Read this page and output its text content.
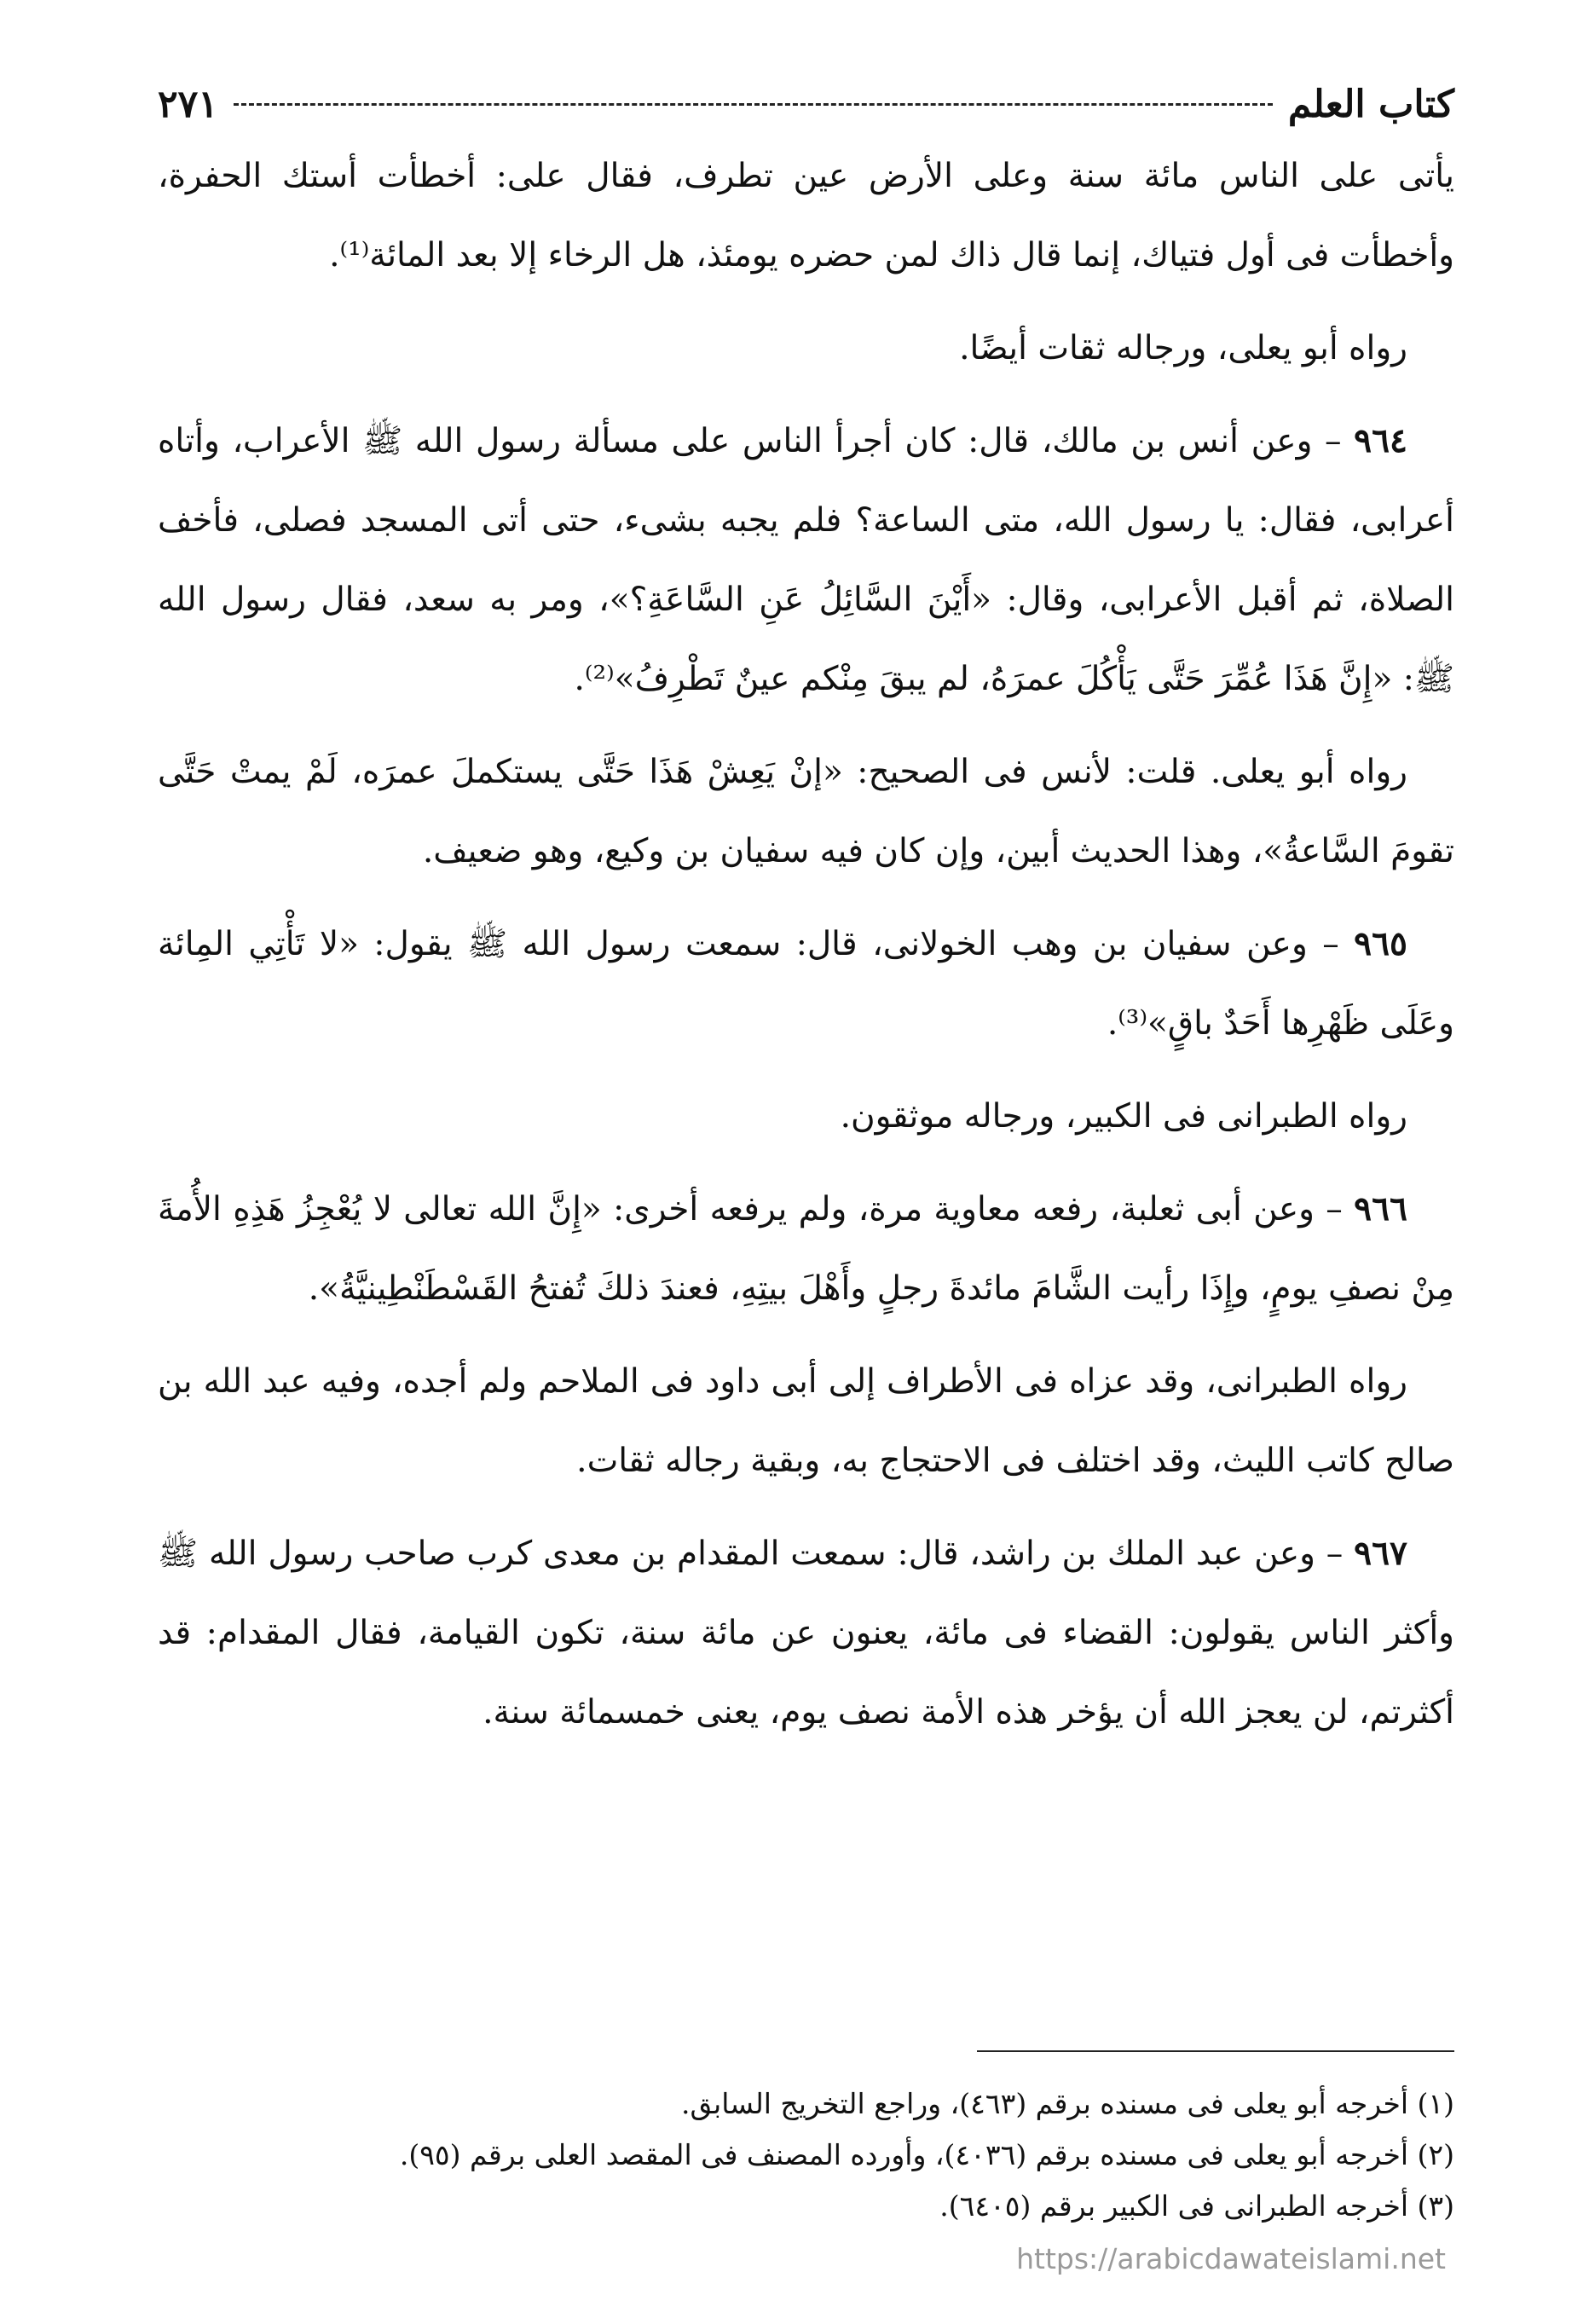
كتاب العلم
٢٧١

يأتى على الناس مائة سنة وعلى الأرض عين تطرف، فقال على: أخطأت أستك الحفرة، وأخطأت فى أول فتياك، إنما قال ذاك لمن حضره يومئذ، هل الرخاء إلا بعد المائة⁽¹⁾.

رواه أبو يعلى، ورجاله ثقات أيضًا.

٩٦٤ – وعن أنس بن مالك، قال: كان أجرأ الناس على مسألة رسول الله ﷺ الأعراب، وأتاه أعرابى، فقال: يا رسول الله، متى الساعة؟ فلم يجبه بشىء، حتى أتى المسجد فصلى، فأخف الصلاة، ثم أقبل الأعرابى، وقال: «أَيْنَ السَّائِلُ عَنِ السَّاعَةِ؟»، ومر به سعد، فقال رسول الله ﷺ: «إِنَّ هَذَا عُمِّرَ حَتَّى يَأْكُلَ عمرَهُ، لم يبقَ مِنْكم عينٌ تَطْرِفُ»⁽²⁾.

رواه أبو يعلى. قلت: لأنس فى الصحيح: «إنْ يَعِشْ هَذَا حَتَّى يستكملَ عمرَه، لَمْ يمتْ حَتَّى تقومَ السَّاعةُ»، وهذا الحديث أبين، وإن كان فيه سفيان بن وكيع، وهو ضعيف.

٩٦٥ – وعن سفيان بن وهب الخولانى، قال: سمعت رسول الله ﷺ يقول: «لا تَأْتِي المِائة وعَلَى ظَهْرِها أَحَدٌ باقٍ»⁽³⁾.

رواه الطبرانى فى الكبير، ورجاله موثقون.

٩٦٦ – وعن أبى ثعلبة، رفعه معاوية مرة، ولم يرفعه أخرى: «إِنَّ الله تعالى لا يُعْجِزُ هَذِهِ الأُمةَ مِنْ نصفِ يومٍ، وإِذَا رأيت الشَّامَ مائدةَ رجلٍ وأَهْلَ بيتِهِ، فعندَ ذلكَ تُفتحُ القَسْطَنْطِينيَّةُ».

رواه الطبرانى، وقد عزاه فى الأطراف إلى أبى داود فى الملاحم ولم أجده، وفيه عبد الله بن صالح كاتب الليث، وقد اختلف فى الاحتجاج به، وبقية رجاله ثقات.

٩٦٧ – وعن عبد الملك بن راشد، قال: سمعت المقدام بن معدى كرب صاحب رسول الله ﷺ وأكثر الناس يقولون: القضاء فى مائة، يعنون عن مائة سنة، تكون القيامة، فقال المقدام: قد أكثرتم، لن يعجز الله أن يؤخر هذه الأمة نصف يوم، يعنى خمسمائة سنة.

(١) أخرجه أبو يعلى فى مسنده برقم (٤٦٣)، وراجع التخريج السابق.

(٢) أخرجه أبو يعلى فى مسنده برقم (٤٠٣٦)، وأورده المصنف فى المقصد العلى برقم (٩٥).

(٣) أخرجه الطبرانى فى الكبير برقم (٦٤٠٥).

https://arabicdawateislami.net
